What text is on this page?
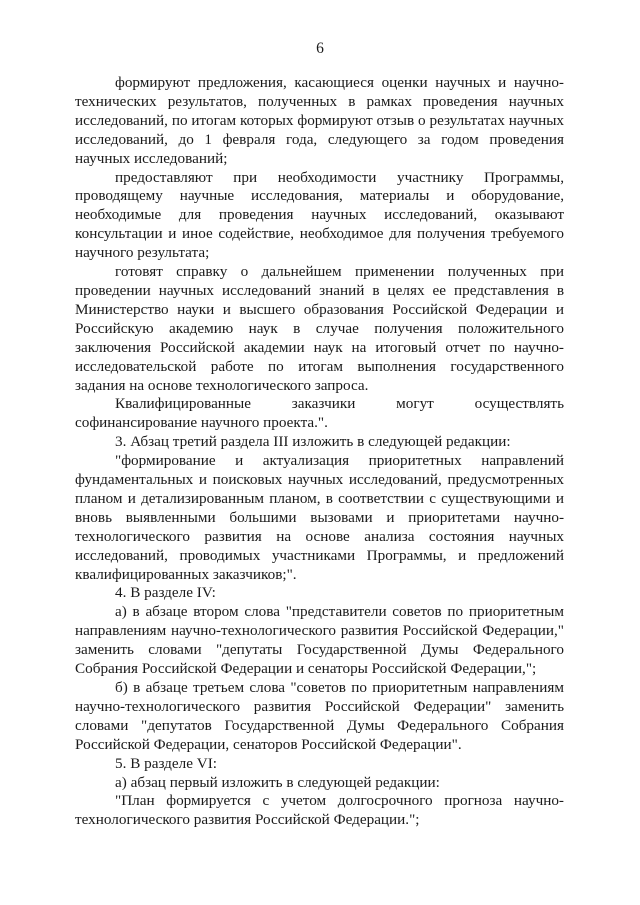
6

формируют предложения, касающиеся оценки научных и научно-технических результатов, полученных в рамках проведения научных исследований, по итогам которых формируют отзыв о результатах научных исследований, до 1 февраля года, следующего за годом проведения научных исследований;

предоставляют при необходимости участнику Программы, проводящему научные исследования, материалы и оборудование, необходимые для проведения научных исследований, оказывают консультации и иное содействие, необходимое для получения требуемого научного результата;

готовят справку о дальнейшем применении полученных при проведении научных исследований знаний в целях ее представления в Министерство науки и высшего образования Российской Федерации и Российскую академию наук в случае получения положительного заключения Российской академии наук на итоговый отчет по научно-исследовательской работе по итогам выполнения государственного задания на основе технологического запроса.

Квалифицированные заказчики могут осуществлять софинансирование научного проекта.".

3. Абзац третий раздела III изложить в следующей редакции:

"формирование и актуализация приоритетных направлений фундаментальных и поисковых научных исследований, предусмотренных планом и детализированным планом, в соответствии с существующими и вновь выявленными большими вызовами и приоритетами научно-технологического развития на основе анализа состояния научных исследований, проводимых участниками Программы, и предложений квалифицированных заказчиков;".

4. В разделе IV:

а) в абзаце втором слова "представители советов по приоритетным направлениям научно-технологического развития Российской Федерации," заменить словами "депутаты Государственной Думы Федерального Собрания Российской Федерации и сенаторы Российской Федерации,";

б) в абзаце третьем слова "советов по приоритетным направлениям научно-технологического развития Российской Федерации" заменить словами "депутатов Государственной Думы Федерального Собрания Российской Федерации, сенаторов Российской Федерации".

5. В разделе VI:

а) абзац первый изложить в следующей редакции:

"План формируется с учетом долгосрочного прогноза научно-технологического развития Российской Федерации.";
